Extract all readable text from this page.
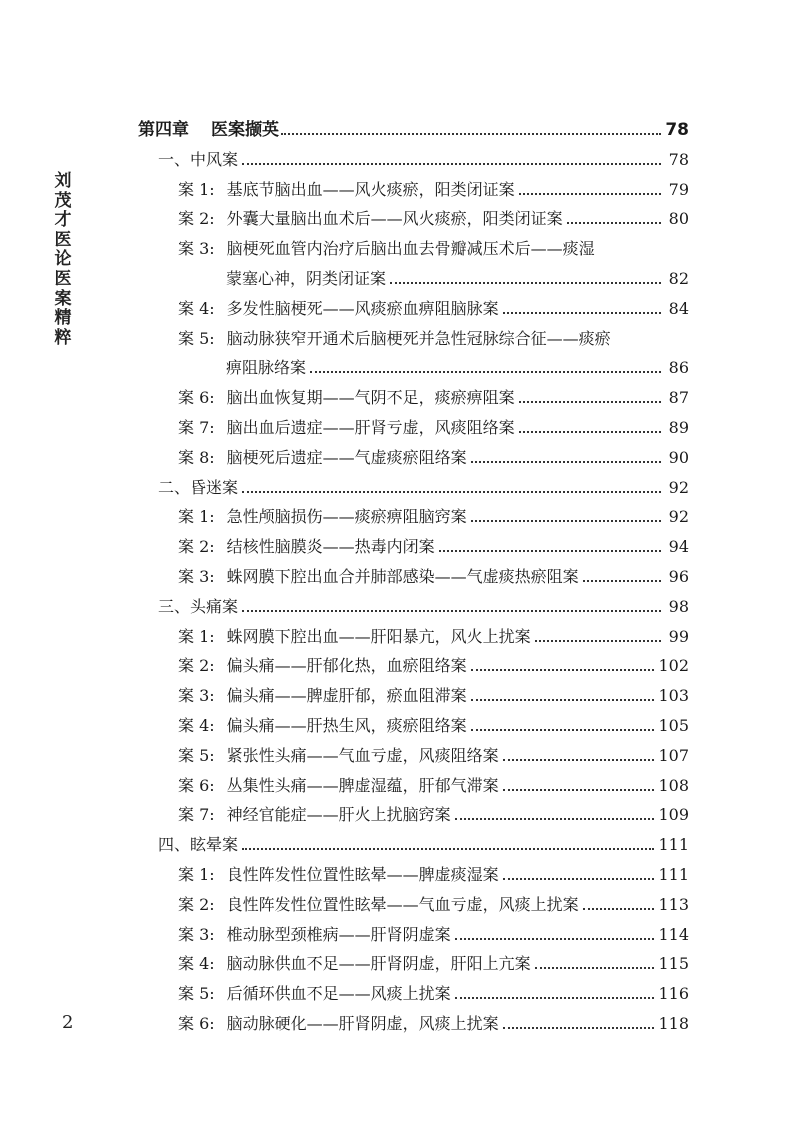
刘
茂
才
医
论
医
案
精
粹
2
第四章 医案撷英	78
一、中风案	78
案 1: 基底节脑出血——风火痰瘀，阳类闭证案	79
案 2: 外囊大量脑出血术后——风火痰瘀，阳类闭证案	80
案 3: 脑梗死血管内治疗后脑出血去骨瓣减压术后——痰湿
蒙塞心神，阴类闭证案	82
案 4: 多发性脑梗死——风痰瘀血痹阻脑脉案	84
案 5: 脑动脉狭窄开通术后脑梗死并急性冠脉综合征——痰瘀
痹阻脉络案	86
案 6: 脑出血恢复期——气阴不足，痰瘀痹阻案	87
案 7: 脑出血后遗症——肝肾亏虚，风痰阻络案	89
案 8: 脑梗死后遗症——气虚痰瘀阻络案	90
二、昏迷案	92
案 1: 急性颅脑损伤——痰瘀痹阻脑窍案	92
案 2: 结核性脑膜炎——热毒内闭案	94
案 3: 蛛网膜下腔出血合并肺部感染——气虚痰热瘀阻案	96
三、头痛案	98
案 1: 蛛网膜下腔出血——肝阳暴亢，风火上扰案	99
案 2: 偏头痛——肝郁化热，血瘀阻络案	102
案 3: 偏头痛——脾虚肝郁，瘀血阻滞案	103
案 4: 偏头痛——肝热生风，痰瘀阻络案	105
案 5: 紧张性头痛——气血亏虚，风痰阻络案	107
案 6: 丛集性头痛——脾虚湿蕴，肝郁气滞案	108
案 7: 神经官能症——肝火上扰脑窍案	109
四、眩晕案	111
案 1: 良性阵发性位置性眩晕——脾虚痰湿案	111
案 2: 良性阵发性位置性眩晕——气血亏虚，风痰上扰案	113
案 3: 椎动脉型颈椎病——肝肾阴虚案	114
案 4: 脑动脉供血不足——肝肾阴虚，肝阳上亢案	115
案 5: 后循环供血不足——风痰上扰案	116
案 6: 脑动脉硬化——肝肾阴虚，风痰上扰案	118
